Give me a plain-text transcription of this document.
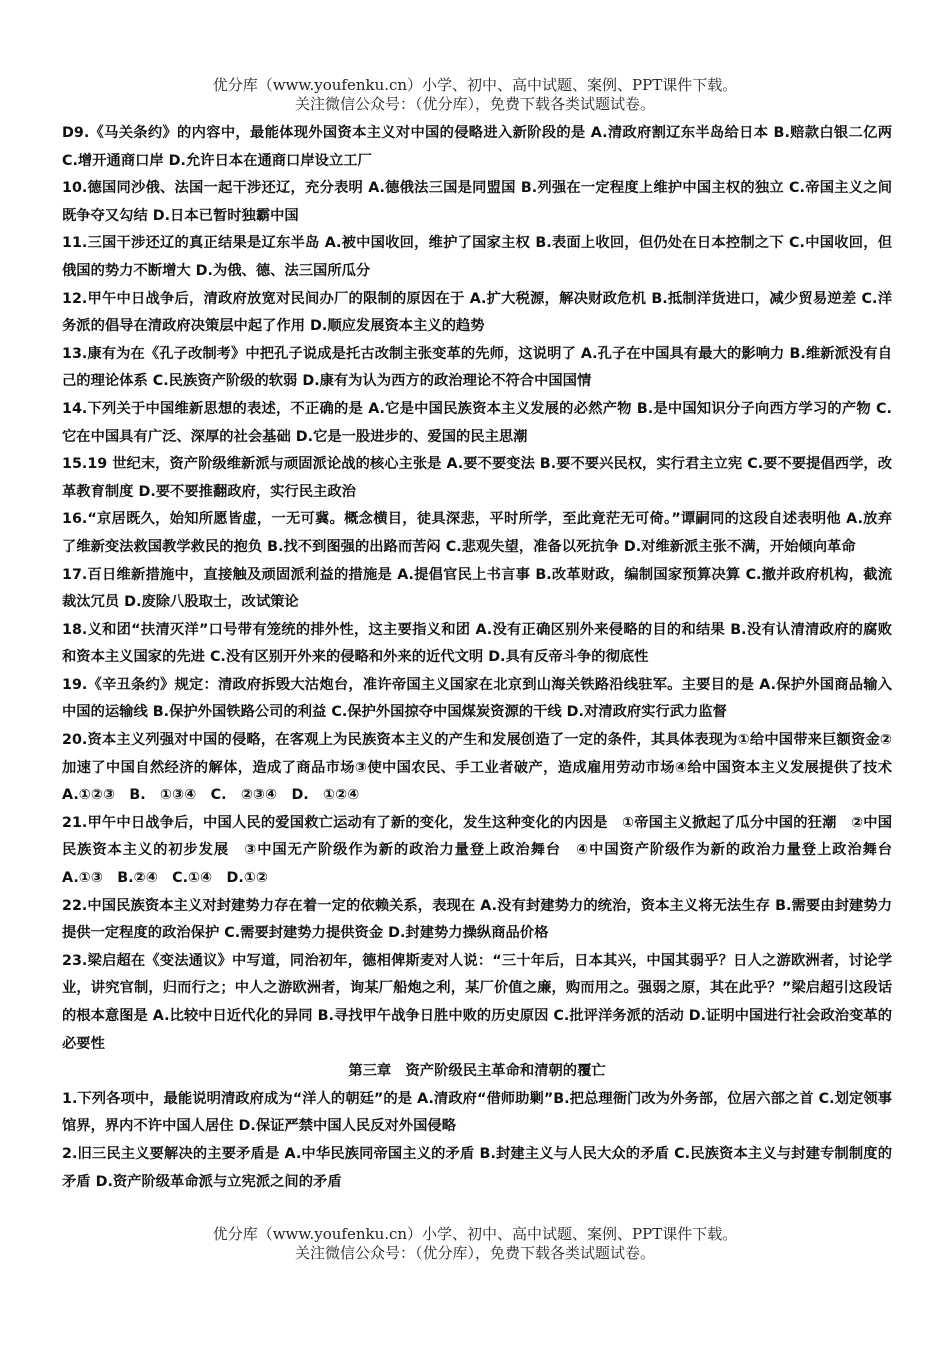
优分库（www.youfenku.cn）小学、初中、高中试题、案例、PPT课件下载。
关注微信公众号：（优分库），免费下载各类试题试卷。

D9.《马关条约》的内容中，最能体现外国资本主义对中国的侵略进入新阶段的是 A.清政府割辽东半岛给日本 B.赔款白银二亿两 C.增开通商口岸 D.允许日本在通商口岸设立工厂

10.德国同沙俄、法国一起干涉还辽，充分表明 A.德俄法三国是同盟国 B.列强在一定程度上维护中国主权的独立 C.帝国主义之间既争夺又勾结 D.日本已暂时独霸中国

11.三国干涉还辽的真正结果是辽东半岛 A.被中国收回，维护了国家主权 B.表面上收回，但仍处在日本控制之下 C.中国收回，但俄国的势力不断增大 D.为俄、德、法三国所瓜分

12.甲午中日战争后，清政府放宽对民间办厂的限制的原因在于 A.扩大税源，解决财政危机 B.抵制洋货进口，减少贸易逆差 C.洋务派的倡导在清政府决策层中起了作用 D.顺应发展资本主义的趋势

13.康有为在《孔子改制考》中把孔子说成是托古改制主张变革的先师，这说明了 A.孔子在中国具有最大的影响力 B.维新派没有自己的理论体系 C.民族资产阶级的软弱 D.康有为认为西方的政治理论不符合中国国情

14.下列关于中国维新思想的表述，不正确的是 A.它是中国民族资本主义发展的必然产物 B.是中国知识分子向西方学习的产物 C.它在中国具有广泛、深厚的社会基础 D.它是一股进步的、爱国的民主思潮

15.19 世纪末，资产阶级维新派与顽固派论战的核心主张是 A.要不要变法 B.要不要兴民权，实行君主立宪 C.要不要提倡西学，改革教育制度 D.要不要推翻政府，实行民主政治

16.“京居既久，始知所愿皆虚，一无可冀。概念横目，徒具深悲，平时所学，至此竟茫无可倚。”谭嗣同的这段自述表明他 A.放弃了维新变法救国教学救民的抱负 B.找不到图强的出路而苦闷 C.悲观失望，准备以死抗争 D.对维新派主张不满，开始倾向革命

17.百日维新措施中，直接触及顽固派利益的措施是 A.提倡官民上书言事 B.改革财政，编制国家预算决算 C.撤并政府机构，截流裁汰冗员 D.废除八股取士，改试策论

18.义和团“扶清灭洋”口号带有笼统的排外性，这主要指义和团 A.没有正确区别外来侵略的目的和结果 B.没有认清清政府的腐败和资本主义国家的先进 C.没有区别开外来的侵略和外来的近代文明 D.具有反帝斗争的彻底性

19.《辛丑条约》规定：清政府拆毁大沽炮台，准许帝国主义国家在北京到山海关铁路沿线驻军。主要目的是 A.保护外国商品输入中国的运输线 B.保护外国铁路公司的利益 C.保护外国掠夺中国煤炭资源的干线 D.对清政府实行武力监督

20.资本主义列强对中国的侵略，在客观上为民族资本主义的产生和发展创造了一定的条件，其具体表现为①给中国带来巨额资金②加速了中国自然经济的解体，造成了商品市场③使中国农民、手工业者破产，造成雇用劳动市场④给中国资本主义发展提供了技术　A.①②③　B.　①③④　C.　②③④　D.　①②④

21.甲午中日战争后，中国人民的爱国救亡运动有了新的变化，发生这种变化的内因是　①帝国主义掀起了瓜分中国的狂潮　②中国民族资本主义的初步发展　③中国无产阶级作为新的政治力量登上政治舞台　④中国资产阶级作为新的政治力量登上政治舞台　A.①③　B.②④　C.①④　D.①②

22.中国民族资本主义对封建势力存在着一定的依赖关系，表现在 A.没有封建势力的统治，资本主义将无法生存 B.需要由封建势力提供一定程度的政治保护 C.需要封建势力提供资金 D.封建势力操纵商品价格

23.梁启超在《变法通议》中写道，同治初年，德相俾斯麦对人说：“三十年后，日本其兴，中国其弱乎？日人之游欧洲者，讨论学业，讲究官制，归而行之；中人之游欧洲者，询某厂船炮之利，某厂价值之廉，购而用之。强弱之原，其在此乎？”梁启超引这段话的根本意图是 A.比较中日近代化的异同 B.寻找甲午战争日胜中败的历史原因 C.批评洋务派的活动 D.证明中国进行社会政治变革的必要性

第三章　资产阶级民主革命和清朝的覆亡

1.下列各项中，最能说明清政府成为“洋人的朝廷”的是 A.清政府“借师助剿”B.把总理衙门改为外务部，位居六部之首 C.划定领事馆界，界内不许中国人居住 D.保证严禁中国人民反对外国侵略

2.旧三民主义要解决的主要矛盾是 A.中华民族同帝国主义的矛盾 B.封建主义与人民大众的矛盾 C.民族资本主义与封建专制制度的矛盾 D.资产阶级革命派与立宪派之间的矛盾

优分库（www.youfenku.cn）小学、初中、高中试题、案例、PPT课件下载。
关注微信公众号：（优分库），免费下载各类试题试卷。
